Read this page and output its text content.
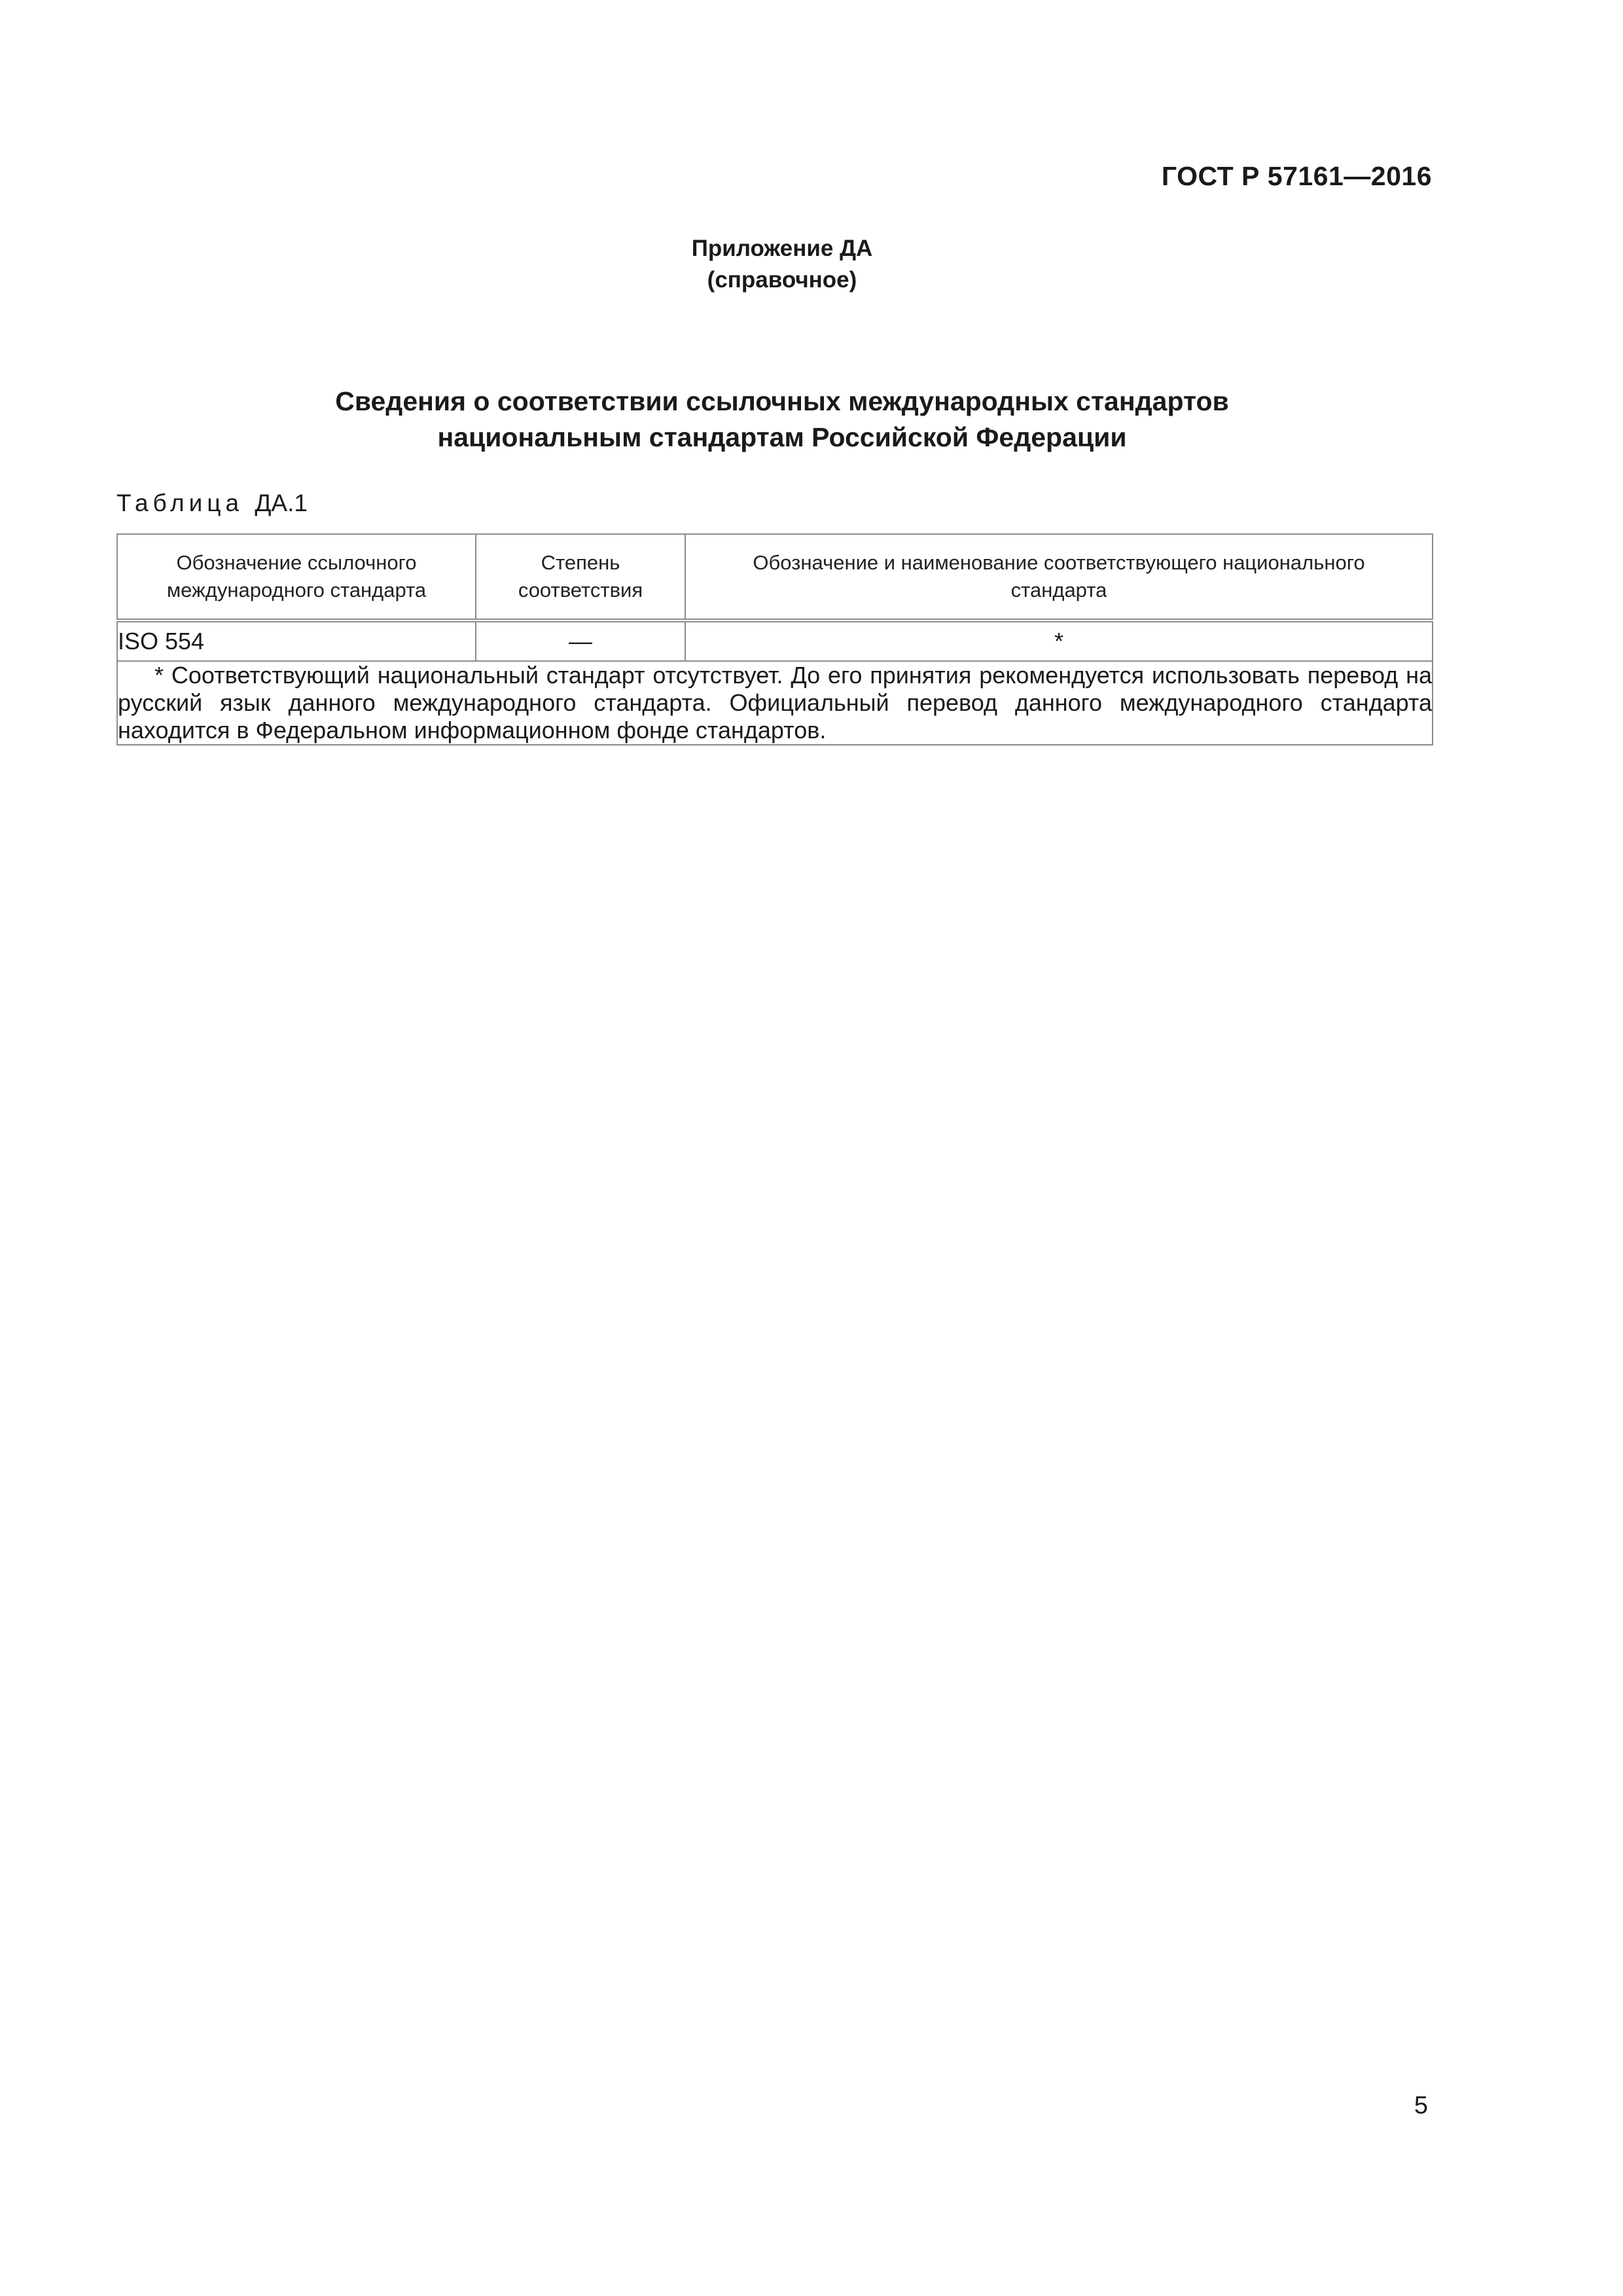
ГОСТ Р 57161—2016
Приложение ДА
(справочное)
Сведения о соответствии ссылочных международных стандартов
национальным стандартам Российской Федерации
Таблица ДА.1
Обозначение ссылочного международного стандарта	Степень соответствия	Обозначение и наименование соответствующего национального стандарта
ISO 554	—	*
* Соответствующий национальный стандарт отсутствует. До его принятия рекомендуется использовать перевод на русский язык данного международного стандарта. Официальный перевод данного международного стандарта находится в Федеральном информационном фонде стандартов.		
5
